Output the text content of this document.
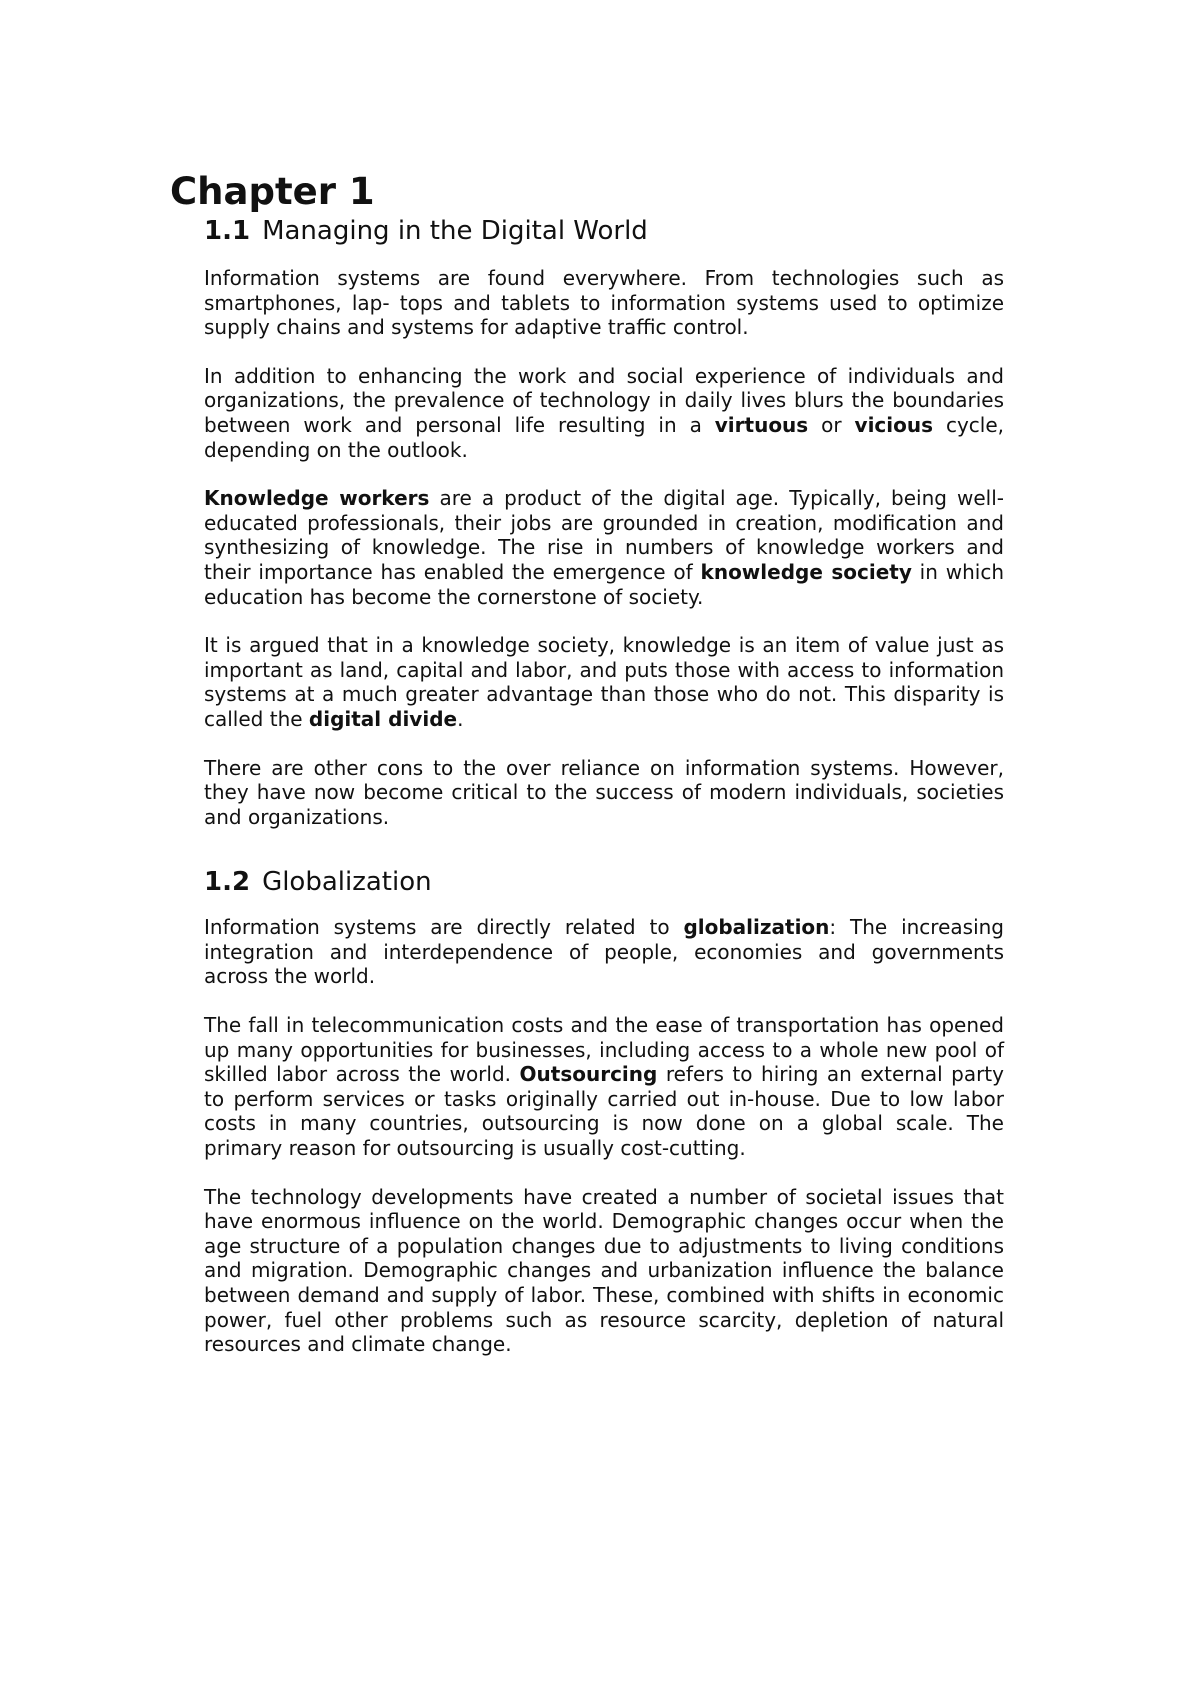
Chapter 1
1.1 Managing in the Digital World

Information systems are found everywhere. From technologies such as smartphones, lap- tops and tablets to information systems used to optimize supply chains and systems for adaptive traffic control.

In addition to enhancing the work and social experience of individuals and organizations, the prevalence of technology in daily lives blurs the boundaries between work and personal life resulting in a virtuous or vicious cycle, depending on the outlook.

Knowledge workers are a product of the digital age. Typically, being well-educated professionals, their jobs are grounded in creation, modification and synthesizing of knowledge. The rise in numbers of knowledge workers and their importance has enabled the emergence of knowledge society in which education has become the cornerstone of society.

It is argued that in a knowledge society, knowledge is an item of value just as important as land, capital and labor, and puts those with access to information systems at a much greater advantage than those who do not. This disparity is called the digital divide.

There are other cons to the over reliance on information systems. However, they have now become critical to the success of modern individuals, societies and organizations.

1.2 Globalization

Information systems are directly related to globalization: The increasing integration and interdependence of people, economies and governments across the world.

The fall in telecommunication costs and the ease of transportation has opened up many opportunities for businesses, including access to a whole new pool of skilled labor across the world. Outsourcing refers to hiring an external party to perform services or tasks originally carried out in-house. Due to low labor costs in many countries, outsourcing is now done on a global scale. The primary reason for outsourcing is usually cost-cutting.

The technology developments have created a number of societal issues that have enormous influence on the world. Demographic changes occur when the age structure of a population changes due to adjustments to living conditions and migration. Demographic changes and urbanization influence the balance between demand and supply of labor. These, combined with shifts in economic power, fuel other problems such as resource scarcity, depletion of natural resources and climate change.
